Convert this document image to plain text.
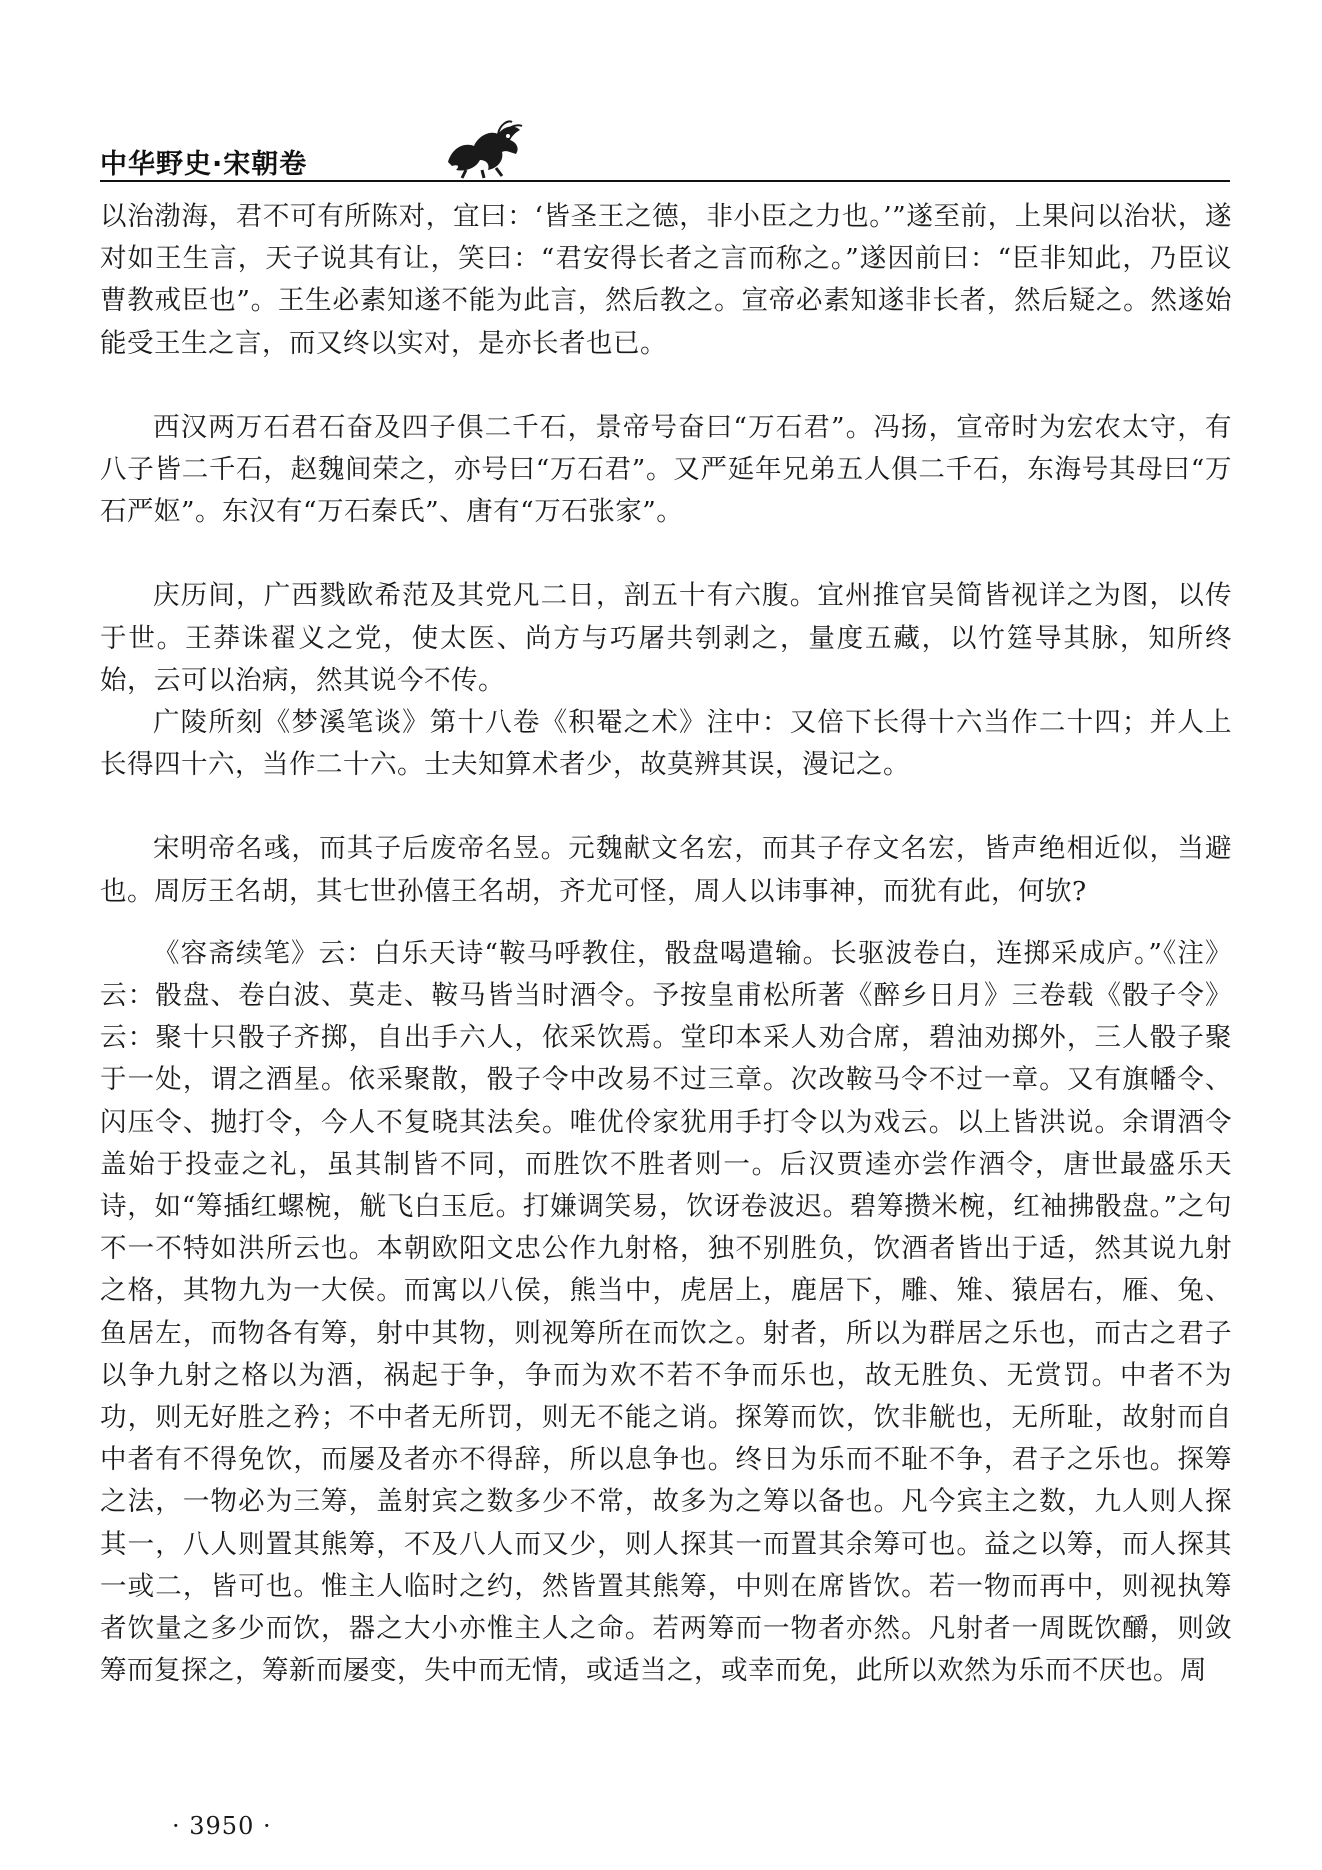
中华野史·宋朝卷

以治渤海，君不可有所陈对，宜曰：‘皆圣王之德，非小臣之力也。’”遂至前，上果问以治状，遂对如王生言，天子说其有让，笑曰：“君安得长者之言而称之。”遂因前曰：“臣非知此，乃臣议曹教戒臣也”。王生必素知遂不能为此言，然后教之。宣帝必素知遂非长者，然后疑之。然遂始能受王生之言，而又终以实对，是亦长者也已。

西汉两万石君石奋及四子俱二千石，景帝号奋曰“万石君”。冯扬，宣帝时为宏农太守，有八子皆二千石，赵魏间荣之，亦号曰“万石君”。又严延年兄弟五人俱二千石，东海号其母曰“万石严妪”。东汉有“万石秦氏”、唐有“万石张家”。

庆历间，广西戮欧希范及其党凡二日，剖五十有六腹。宜州推官吴简皆视详之为图，以传于世。王莽诛翟义之党，使太医、尚方与巧屠共刳剥之，量度五藏，以竹筳导其脉，知所终始，云可以治病，然其说今不传。

广陵所刻《梦溪笔谈》第十八卷《积罨之术》注中：又倍下长得十六当作二十四；并人上长得四十六，当作二十六。士夫知算术者少，故莫辨其误，漫记之。

宋明帝名彧，而其子后废帝名昱。元魏献文名宏，而其子存文名宏，皆声绝相近似，当避也。周厉王名胡，其七世孙僖王名胡，齐尤可怪，周人以讳事神，而犹有此，何欤?

《容斋续笔》云：白乐天诗“鞍马呼教住，骰盘喝遣输。长驱波卷白，连掷采成庐。”《注》云：骰盘、卷白波、莫走、鞍马皆当时酒令。予按皇甫松所著《醉乡日月》三卷载《骰子令》云：聚十只骰子齐掷，自出手六人，依采饮焉。堂印本采人劝合席，碧油劝掷外，三人骰子聚于一处，谓之酒星。依采聚散，骰子令中改易不过三章。次改鞍马令不过一章。又有旗幡令、闪压令、抛打令，今人不复晓其法矣。唯优伶家犹用手打令以为戏云。以上皆洪说。余谓酒令盖始于投壶之礼，虽其制皆不同，而胜饮不胜者则一。后汉贾逵亦尝作酒令，唐世最盛乐天诗，如“筹插红螺椀，觥飞白玉卮。打嫌调笑易，饮讶卷波迟。碧筹攒米椀，红袖拂骰盘。”之句不一不特如洪所云也。本朝欧阳文忠公作九射格，独不别胜负，饮酒者皆出于适，然其说九射之格，其物九为一大侯。而寓以八侯，熊当中，虎居上，鹿居下，雕、雉、猿居右，雁、兔、鱼居左，而物各有筹，射中其物，则视筹所在而饮之。射者，所以为群居之乐也，而古之君子以争九射之格以为酒，祸起于争，争而为欢不若不争而乐也，故无胜负、无赏罚。中者不为功，则无好胜之矜；不中者无所罚，则无不能之诮。探筹而饮，饮非觥也，无所耻，故射而自中者有不得免饮，而屡及者亦不得辞，所以息争也。终日为乐而不耻不争，君子之乐也。探筹之法，一物必为三筹，盖射宾之数多少不常，故多为之筹以备也。凡今宾主之数，九人则人探其一，八人则置其熊筹，不及八人而又少，则人探其一而置其余筹可也。益之以筹，而人探其一或二，皆可也。惟主人临时之约，然皆置其熊筹，中则在席皆饮。若一物而再中，则视执筹者饮量之多少而饮，器之大小亦惟主人之命。若两筹而一物者亦然。凡射者一周既饮釂，则敛筹而复探之，筹新而屡变，失中而无情，或适当之，或幸而免，此所以欢然为乐而不厌也。周

· 3950 ·
